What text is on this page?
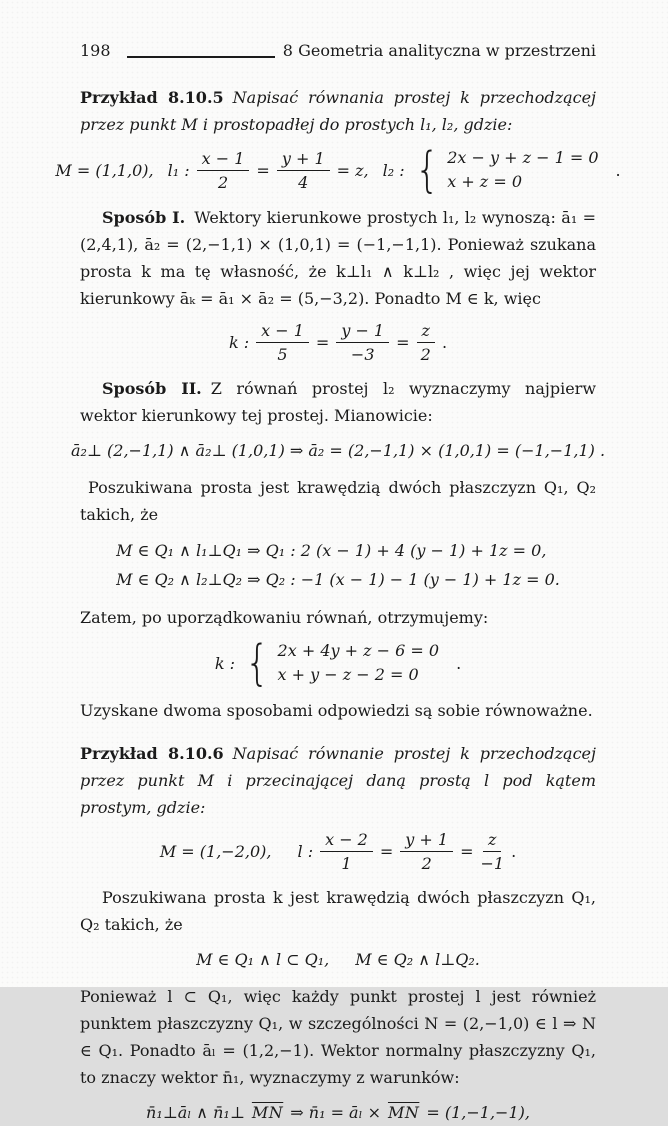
198	8 Geometria analityczna w przestrzeni

Przykład 8.10.5 Napisać równania prostej k przechodzącej przez punkt M i prostopadłej do prostych l₁, l₂, gdzie:

M = (1,1,0), l₁ : $\frac{x - 1}{2} = \frac{y + 1}{4} = z$, l₂ : { 2x − y + z − 1 = 0
x + z = 0
.

Sposób I. Wektory kierunkowe prostych l₁, l₂ wynoszą: ā₁ = (2,4,1), ā₂ = (2,−1,1) × (1,0,1) = (−1,−1,1). Ponieważ szukana prosta k ma tę własność, że k⊥l₁ ∧ k⊥l₂ , więc jej wektor kierunkowy āₖ = ā₁ × ā₂ = (5,−3,2). Ponadto M ∈ k, więc

k : $\frac{x - 1}{5} = \frac{y - 1}{-3} = \frac{z}{2}$ .

Sposób II. Z równań prostej l₂ wyznaczymy najpierw wektor kierunkowy tej prostej. Mianowicie:

ā₂⊥ (2,−1,1) ∧ ā₂⊥ (1,0,1) ⇒ ā₂ = (2,−1,1) × (1,0,1) = (−1,−1,1) .

Poszukiwana prosta jest krawędzią dwóch płaszczyzn Q₁, Q₂ takich, że

M ∈ Q₁ ∧ l₁⊥Q₁ ⇒ Q₁ : 2 (x − 1) + 4 (y − 1) + 1z = 0,
M ∈ Q₂ ∧ l₂⊥Q₂ ⇒ Q₂ : −1 (x − 1) − 1 (y − 1) + 1z = 0.

Zatem, po uporządkowaniu równań, otrzymujemy:

k : { 2x + 4y + z − 6 = 0
x + y − z − 2 = 0
.

Uzyskane dwoma sposobami odpowiedzi są sobie równoważne.

Przykład 8.10.6 Napisać równanie prostej k przechodzącej przez punkt M i przecinającej daną prostą l pod kątem prostym, gdzie:

M = (1,−2,0), l : $\frac{x - 2}{1} = \frac{y + 1}{2} = \frac{z}{-1}$ .

Poszukiwana prosta k jest krawędzią dwóch płaszczyzn Q₁, Q₂ takich, że

M ∈ Q₁ ∧ l ⊂ Q₁, M ∈ Q₂ ∧ l⊥Q₂.

Ponieważ l ⊂ Q₁, więc każdy punkt prostej l jest również punktem płaszczyzny Q₁, w szczególności N = (2,−1,0) ∈ l ⇒ N ∈ Q₁. Ponadto āₗ = (1,2,−1). Wektor normalny płaszczyzny Q₁, to znaczy wektor n̄₁, wyznaczymy z warunków:

n̄₁⊥āₗ ∧ n̄₁⊥ $\overline{MN}$ ⇒ n̄₁ = āₗ × $\overline{MN} = (1,-1,-1)$,
